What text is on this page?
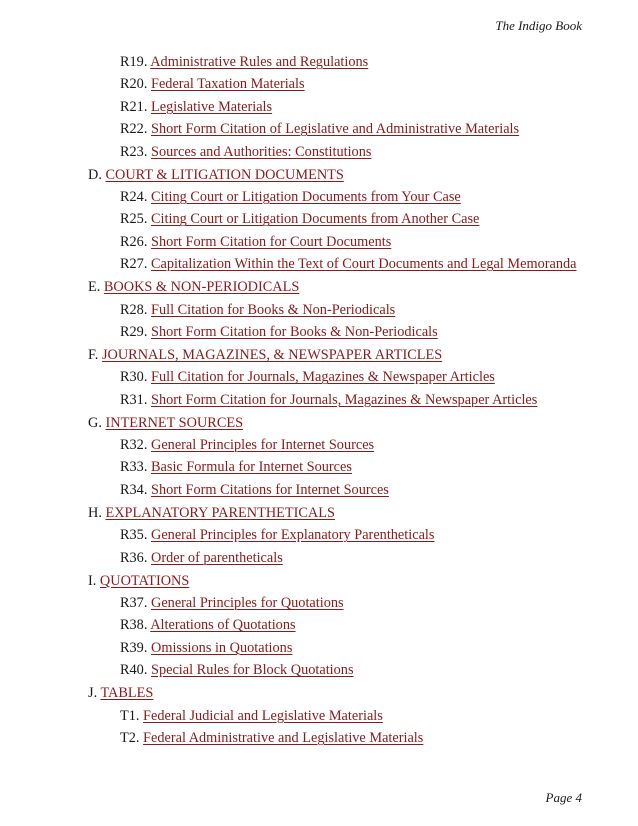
The Indigo Book
R19. Administrative Rules and Regulations
R20. Federal Taxation Materials
R21. Legislative Materials
R22. Short Form Citation of Legislative and Administrative Materials
R23. Sources and Authorities: Constitutions
D. COURT & LITIGATION DOCUMENTS
R24. Citing Court or Litigation Documents from Your Case
R25. Citing Court or Litigation Documents from Another Case
R26. Short Form Citation for Court Documents
R27. Capitalization Within the Text of Court Documents and Legal Memoranda
E. BOOKS & NON-PERIODICALS
R28. Full Citation for Books & Non-Periodicals
R29. Short Form Citation for Books & Non-Periodicals
F. JOURNALS, MAGAZINES, & NEWSPAPER ARTICLES
R30. Full Citation for Journals, Magazines & Newspaper Articles
R31. Short Form Citation for Journals, Magazines & Newspaper Articles
G. INTERNET SOURCES
R32. General Principles for Internet Sources
R33. Basic Formula for Internet Sources
R34. Short Form Citations for Internet Sources
H. EXPLANATORY PARENTHETICALS
R35. General Principles for Explanatory Parentheticals
R36. Order of parentheticals
I. QUOTATIONS
R37. General Principles for Quotations
R38. Alterations of Quotations
R39. Omissions in Quotations
R40. Special Rules for Block Quotations
J. TABLES
T1. Federal Judicial and Legislative Materials
T2. Federal Administrative and Legislative Materials
Page 4
